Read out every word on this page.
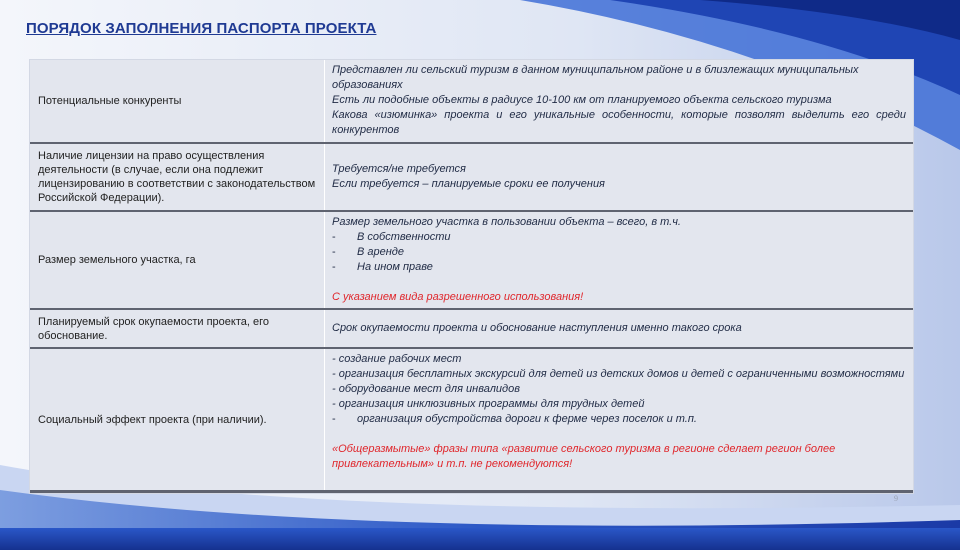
ПОРЯДОК ЗАПОЛНЕНИЯ ПАСПОРТА ПРОЕКТА
Потенциальные конкуренты
Представлен ли сельский туризм в данном муниципальном районе и в близлежащих муниципальных образованиях
Есть ли подобные объекты в радиусе 10-100 км от планируемого объекта сельского туризма
Какова «изюминка» проекта и его уникальные особенности, которые позволят выделить его среди конкурентов
Наличие лицензии на право осуществления деятельности (в случае, если она подлежит лицензированию в соответствии с законодательством Российской Федерации).
Требуется/не требуется
Если требуется – планируемые сроки ее получения
Размер земельного участка, га
Размер земельного участка в пользовании объекта – всего, в т.ч.
- В собственности
- В аренде
- На ином праве
С указанием вида разрешенного использования!
Планируемый срок окупаемости проекта, его обоснование.
Срок окупаемости проекта и обоснование наступления именно такого срока
Социальный эффект проекта (при наличии).
- создание рабочих мест
- организация бесплатных экскурсий для детей из детских домов и детей с ограниченными возможностями
- оборудование мест для инвалидов
- организация инклюзивных программы для трудных детей
- организация обустройства дороги к ферме через поселок и т.п.
«Общеразмытые» фразы типа «развитие сельского туризма в регионе сделает регион более привлекательным» и т.п. не рекомендуются!
9
